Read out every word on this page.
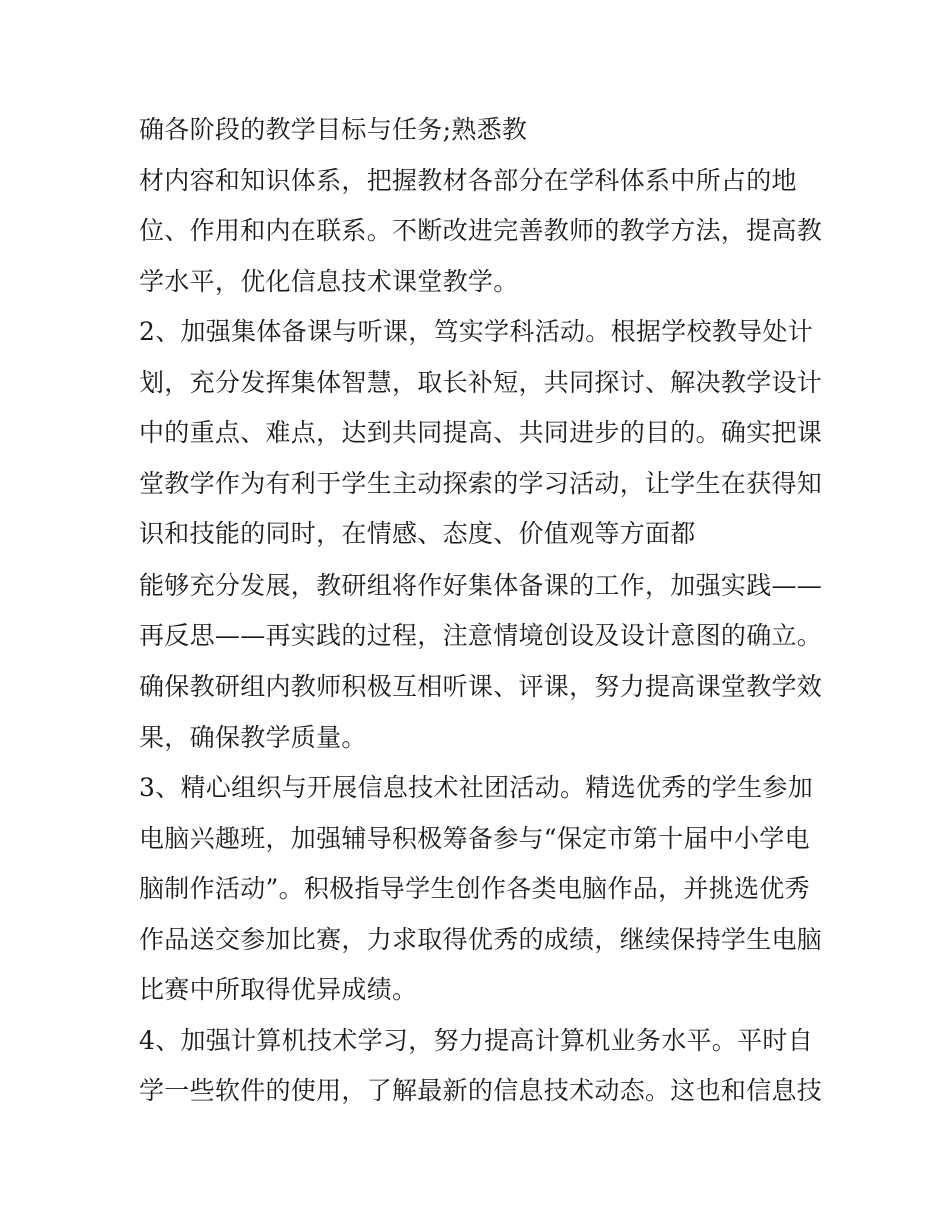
确各阶段的教学目标与任务;熟悉教

材内容和知识体系，把握教材各部分在学科体系中所占的地

位、作用和内在联系。不断改进完善教师的教学方法，提高教

学水平，优化信息技术课堂教学。

2、加强集体备课与听课，笃实学科活动。根据学校教导处计

划，充分发挥集体智慧，取长补短，共同探讨、解决教学设计

中的重点、难点，达到共同提高、共同进步的目的。确实把课

堂教学作为有利于学生主动探索的学习活动，让学生在获得知

识和技能的同时，在情感、态度、价值观等方面都

能够充分发展，教研组将作好集体备课的工作，加强实践——

再反思——再实践的过程，注意情境创设及设计意图的确立。

确保教研组内教师积极互相听课、评课，努力提高课堂教学效

果，确保教学质量。

3、精心组织与开展信息技术社团活动。精选优秀的学生参加

电脑兴趣班，加强辅导积极筹备参与“保定市第十届中小学电

脑制作活动”。积极指导学生创作各类电脑作品，并挑选优秀

作品送交参加比赛，力求取得优秀的成绩，继续保持学生电脑

比赛中所取得优异成绩。

4、加强计算机技术学习，努力提高计算机业务水平。平时自

学一些软件的使用，了解最新的信息技术动态。这也和信息技
